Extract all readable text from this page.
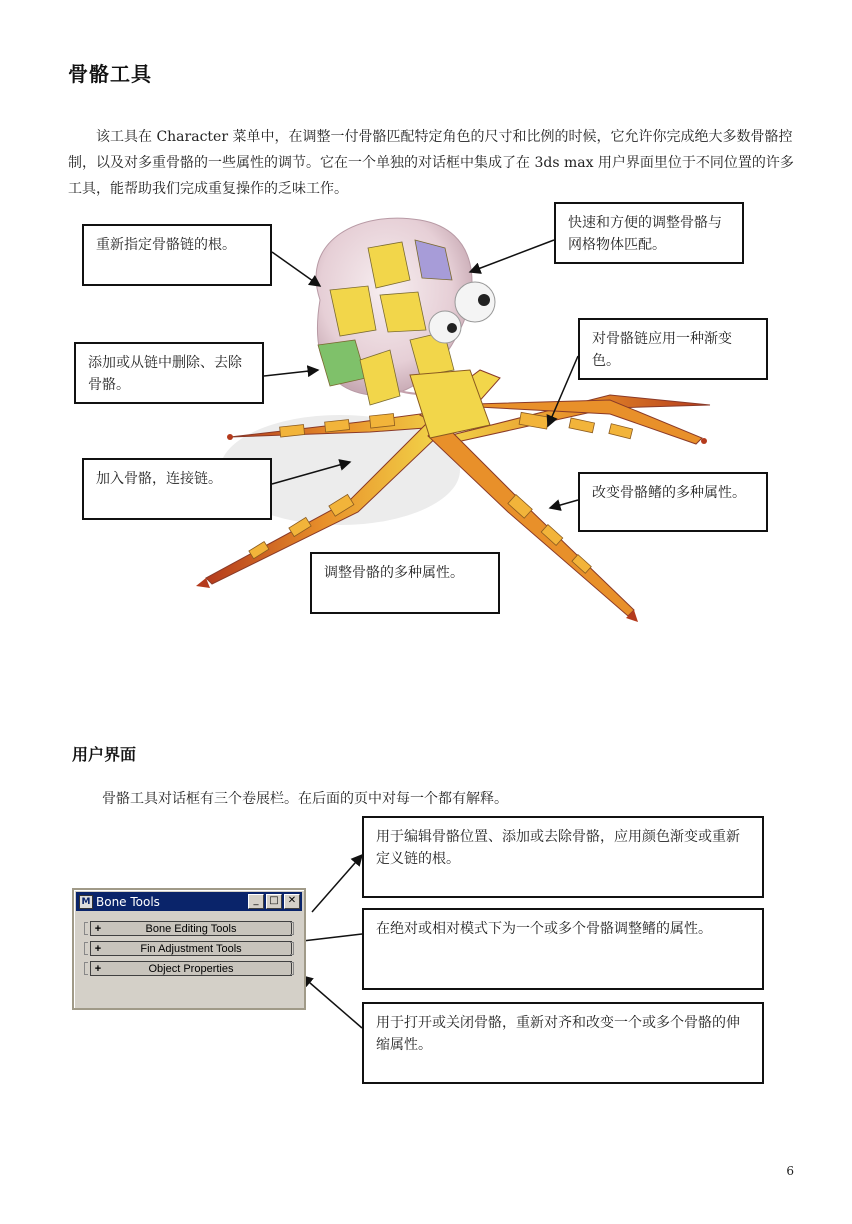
骨骼工具
该工具在 Character 菜单中，在调整一付骨骼匹配特定角色的尺寸和比例的时候，它允许你完成绝大多数骨骼控制，以及对多重骨骼的一些属性的调节。它在一个单独的对话框中集成了在 3ds max 用户界面里位于不同位置的许多工具，能帮助我们完成重复操作的乏味工作。
重新指定骨骼链的根。
快速和方便的调整骨骼与网格物体匹配。
添加或从链中删除、去除骨骼。
对骨骼链应用一种渐变色。
加入骨骼，连接链。
改变骨骼鳍的多种属性。
调整骨骼的多种属性。
用户界面
骨骼工具对话框有三个卷展栏。在后面的页中对每一个都有解释。
用于编辑骨骼位置、添加或去除骨骼，应用颜色渐变或重新定义链的根。
在绝对或相对模式下为一个或多个骨骼调整鳍的属性。
用于打开或关闭骨骼，重新对齐和改变一个或多个骨骼的伸缩属性。
M Bone Tools	_	□ ✕
+	Bone Editing Tools
+	Fin Adjustment Tools
+	Object Properties
6
